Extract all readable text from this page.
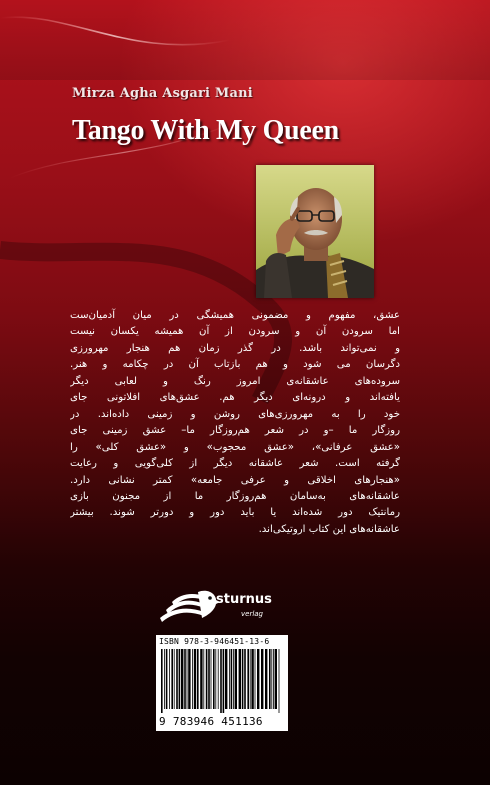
Mirza Agha Asgari Mani
Tango With My Queen
عشق، مفهوم و مضمونی همیشگی در میان آدمیان‌ست
اما سرودن آن و سرودن از آن همیشه یکسان نیست
و نمی‌تواند باشد. در گذر زمان هم هنجار مهرورزی
دگرسان می شود و هم بازتاب آن در چکامه و هنر.
سروده‌های عاشقانه‌ی امروز رنگ و لعابی دیگر
یافته‌اند و درونه‌ای دیگر هم. عشق‌های افلاتونی جای
خود را به مهرورزی‌های روشن و زمینی داده‌اند. در
روزگار ما –و در شعر هم‌روزگار ما– عشق زمینی جای
«عشق عرفانی»، «عشق محجوب» و «عشق کلی» را
گرفته است. شعر عاشقانه دیگر از کلی‌گویی و رعایت
«هنجارهای اخلاقی و عرفی جامعه» کمتر نشانی دارد.
عاشقانه‌های به‌سامان هم‌روزگار ما از مجنون بازی
رمانتیک دور شده‌اند یا باید دور و دورتر شوند. بیشتر
عاشقانه‌های این کتاب اروتیکی‌اند.
sturnus
verlag
ISBN 978-3-946451-13-6
9 783946 451136
